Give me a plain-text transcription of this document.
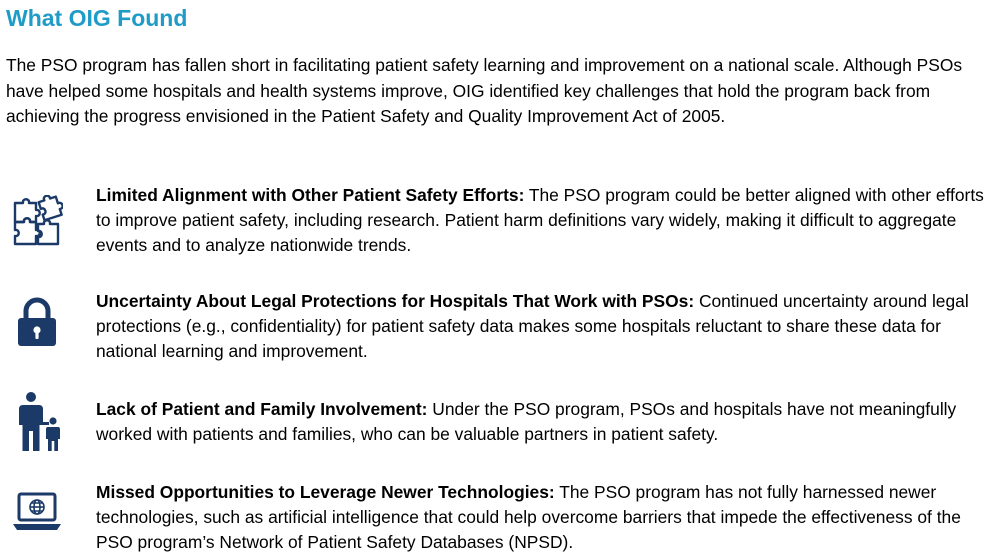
What OIG Found

The PSO program has fallen short in facilitating patient safety learning and improvement on a national scale. Although PSOs have helped some hospitals and health systems improve, OIG identified key challenges that hold the program back from achieving the progress envisioned in the Patient Safety and Quality Improvement Act of 2005.

Limited Alignment with Other Patient Safety Efforts: The PSO program could be better aligned with other efforts to improve patient safety, including research. Patient harm definitions vary widely, making it difficult to aggregate events and to analyze nationwide trends.

Uncertainty About Legal Protections for Hospitals That Work with PSOs: Continued uncertainty around legal protections (e.g., confidentiality) for patient safety data makes some hospitals reluctant to share these data for national learning and improvement.

Lack of Patient and Family Involvement: Under the PSO program, PSOs and hospitals have not meaningfully worked with patients and families, who can be valuable partners in patient safety.

Missed Opportunities to Leverage Newer Technologies: The PSO program has not fully harnessed newer technologies, such as artificial intelligence that could help overcome barriers that impede the effectiveness of the PSO program’s Network of Patient Safety Databases (NPSD).
